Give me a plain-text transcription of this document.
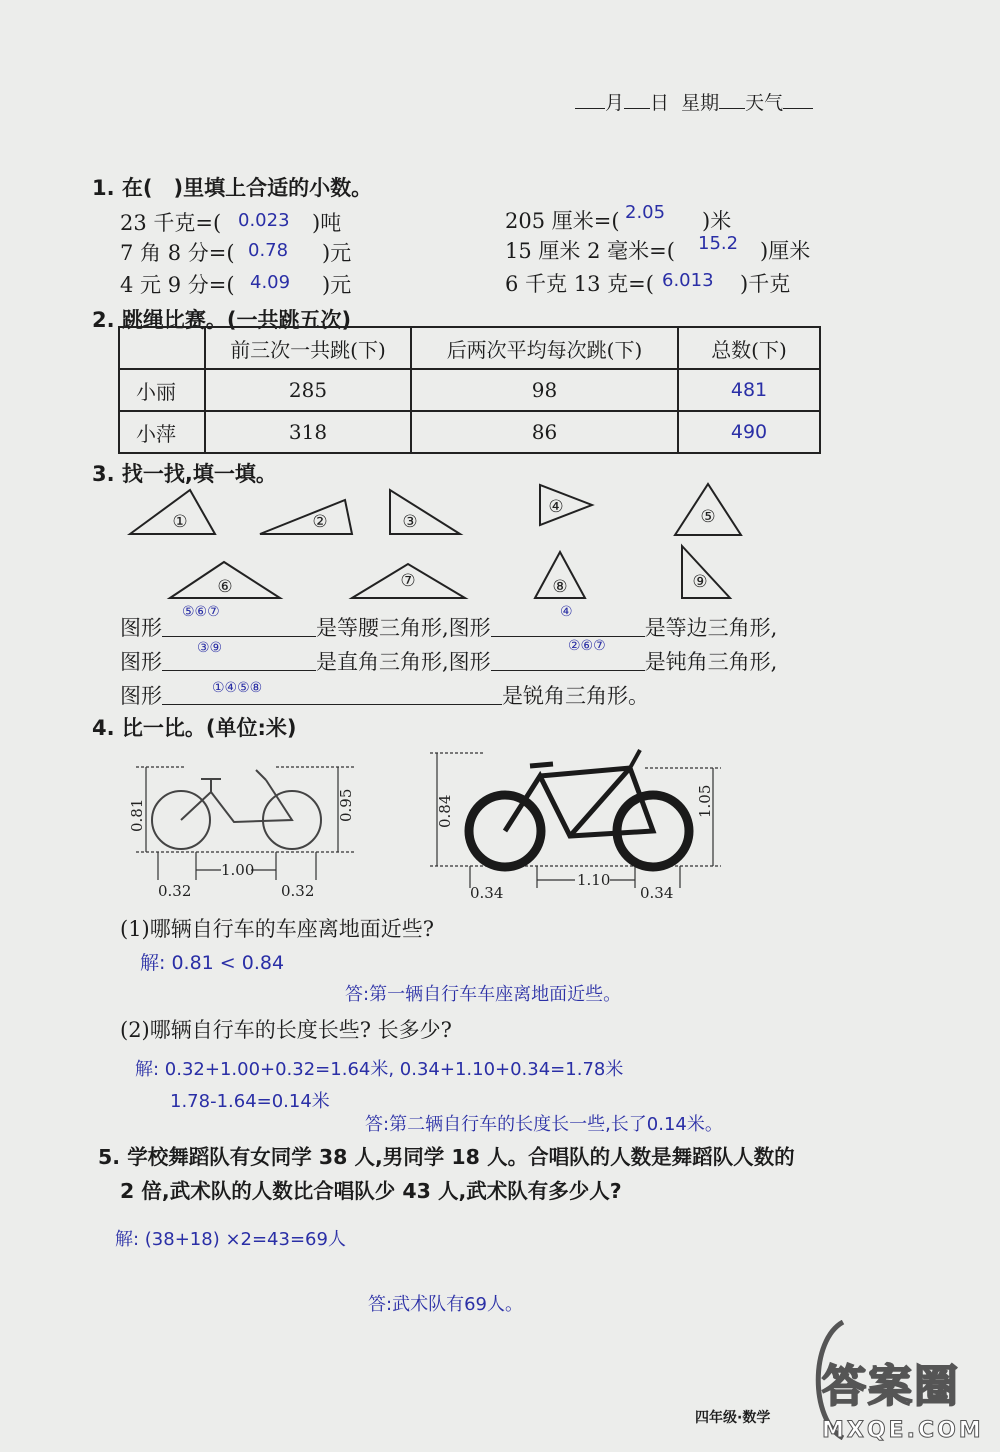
月 日 星期 天气
1. 在(　)里填上合适的小数。
23 千克=( 0.023 )吨
7 角 8 分=( 0.78 )元
4 元 9 分=( 4.09 )元
205 厘米=( 2.05 )米
15 厘米 2 毫米=( 15.2 )厘米
6 千克 13 克=( 6.013 )千克
2. 跳绳比赛。(一共跳五次)
	前三次一共跳(下)	后两次平均每次跳(下)	总数(下)
小丽	285	98	481
小萍	318	86	490
3. 找一找,填一填。
①	②	③
④	⑤
⑥	⑦	⑧	⑨
图形	是等腰三角形,图形	是等边三角形,
⑤⑥⑦	④
图形	是直角三角形,图形	是钝角三角形,
③⑨	②⑥⑦
图形	是锐角三角形。
①④⑤⑧
4. 比一比。(单位:米)
1.00
0.32	0.32
0.81	0.95
1.10
0.34	0.34
0.84	1.05
(1)哪辆自行车的车座离地面近些?
解: 0.81 < 0.84
答:第一辆自行车车座离地面近些。
(2)哪辆自行车的长度长些? 长多少?
解: 0.32+1.00+0.32=1.64米, 0.34+1.10+0.34=1.78米
1.78-1.64=0.14米
答:第二辆自行车的长度长一些,长了0.14米。
5. 学校舞蹈队有女同学 38 人,男同学 18 人。合唱队的人数是舞蹈队人数的
2 倍,武术队的人数比合唱队少 43 人,武术队有多少人?
解: (38+18) ×2=43=69人
答:武术队有69人。
四年级·数学
答案圈
MXQE.COM
